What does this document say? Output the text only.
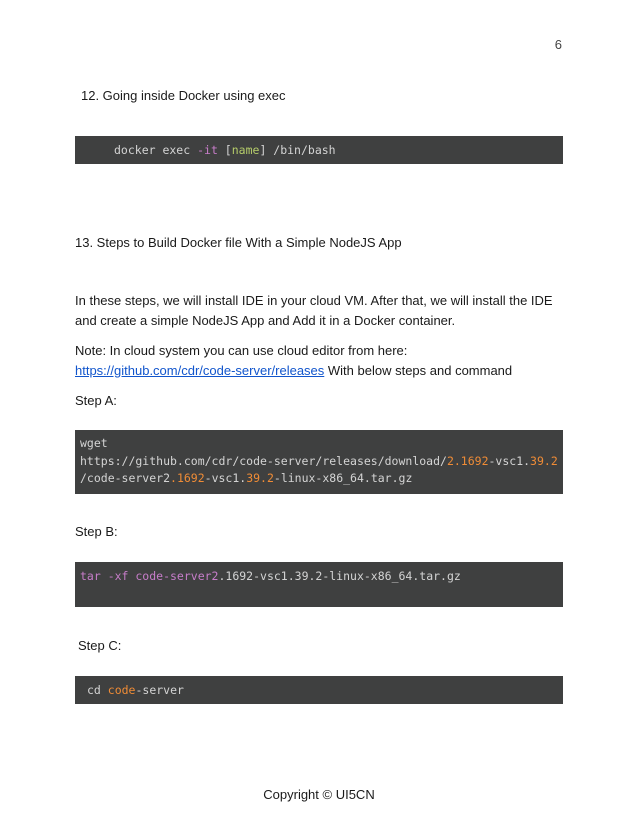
6
12. Going inside Docker using exec
docker exec -it [name] /bin/bash
13. Steps to Build Docker file With a Simple NodeJS App
In these steps, we will install IDE in your cloud VM. After that, we will install the IDE and create a simple NodeJS App and Add it in a Docker container.
Note: In cloud system you can use cloud editor from here:
https://github.com/cdr/code-server/releases With below steps and command
Step A:
wget
https://github.com/cdr/code-server/releases/download/2.1692-vsc1.39.2
/code-server2.1692-vsc1.39.2-linux-x86_64.tar.gz
Step B:
tar -xf code-server2.1692-vsc1.39.2-linux-x86_64.tar.gz
Step C:
cd code-server
Copyright © UI5CN
